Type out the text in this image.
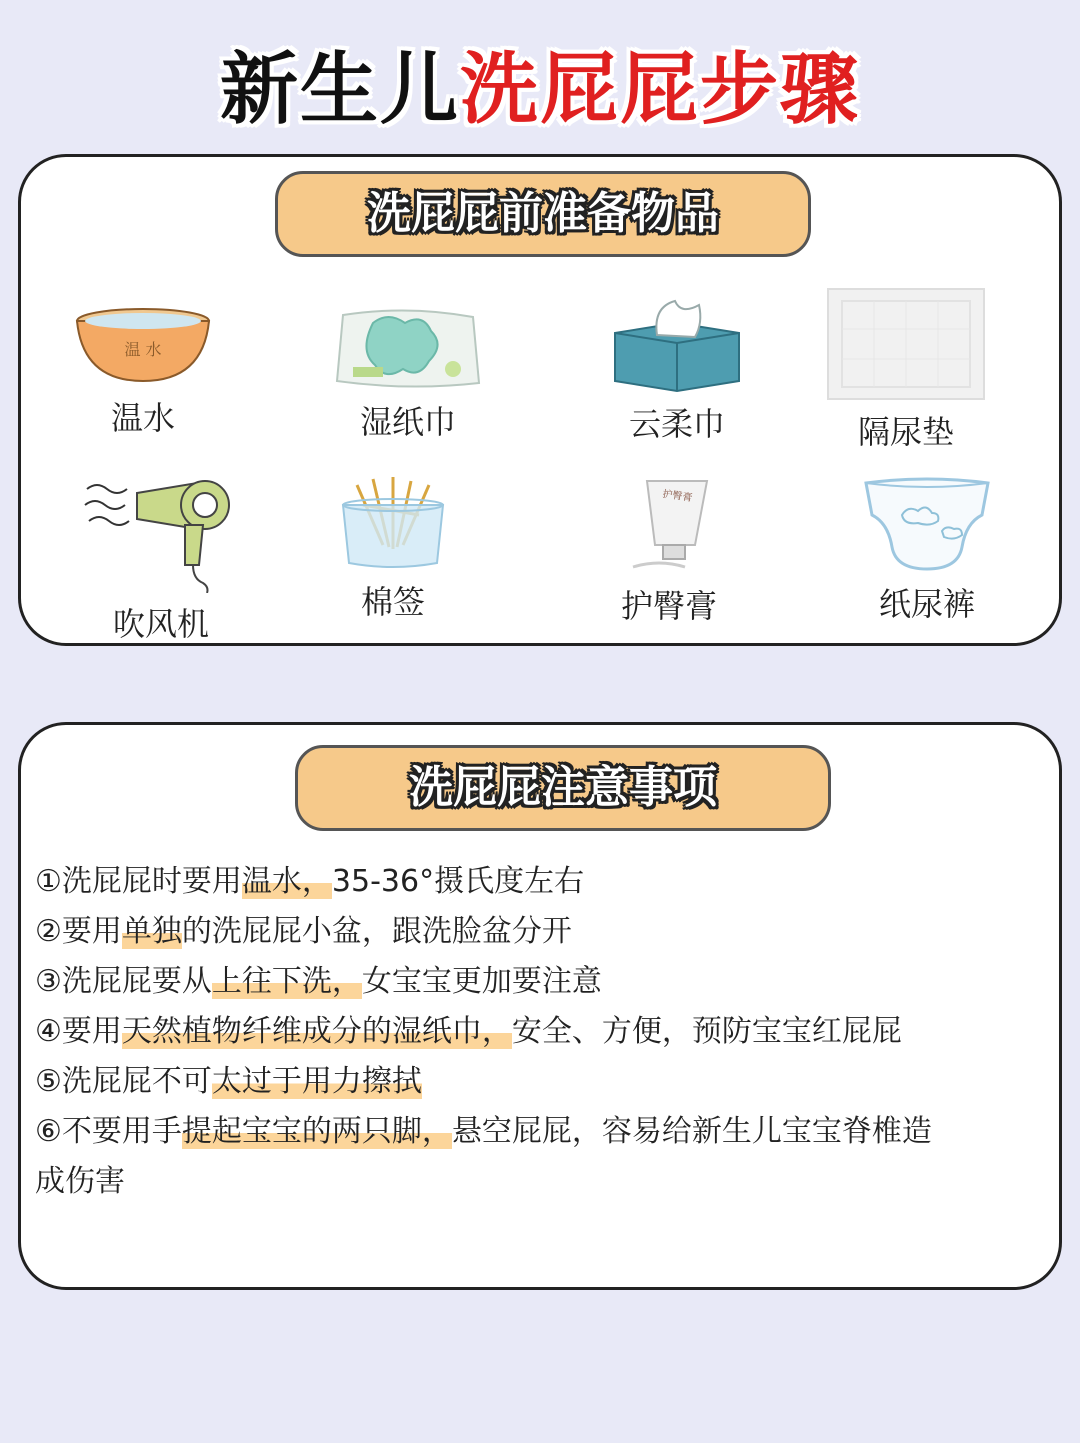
新生儿洗屁屁步骤
洗屁屁前准备物品
温 水
温水	湿纸巾	云柔巾	隔尿垫
吹风机
棉签
护臀膏
护臀膏	纸尿裤
洗屁屁注意事项
①洗屁屁时要用温水，35-36°摄氏度左右
②要用单独的洗屁屁小盆，跟洗脸盆分开
③洗屁屁要从上往下洗，女宝宝更加要注意
④要用天然植物纤维成分的湿纸巾，安全、方便，预防宝宝红屁屁
⑤洗屁屁不可太过于用力擦拭
⑥不要用手提起宝宝的两只脚，悬空屁屁，容易给新生儿宝宝脊椎造成伤害
